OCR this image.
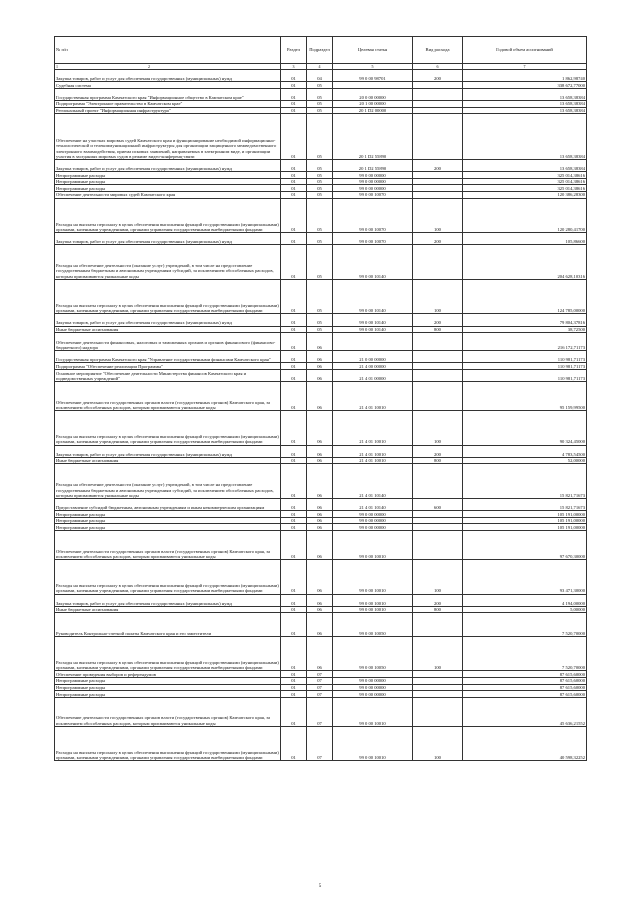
№ п/п	Раздел	Подраздел	Целевая статья	Вид расхода	Годовой объем ассигнований
1 2	3	4	5	6	7
Закупка товаров, работ и услуг для обеспечения государственных (муниципальных) нужд	01	04	99 0 00 98701	200	1 862,98740
Судебная система	01	05			338 672,77000
Государственная программа Камчатского края "Информационное общество в Камчатском крае"	01	05	20 0 00 00000		13 658,38384
Подпрограмма "Электронное правительство в Камчатском крае"	01	05	20 1 00 00000		13 658,38384
Региональный проект "Информационная инфраструктура"	01	05	20 1 D2 00000		13 658,38384
Обеспечение на участках мировых судей Камчатского края и функционирование необходимой информационно-технологической и телекоммуникационной инфраструктуры для организации защищенного межведомственного электронного взаимодействия, приема исковых заявлений, направляемых в электронном виде, и организации участия в заседаниях мировых судов в режиме видео-конференц-связи	01	05	20 1 D2 55890		13 658,38384
Закупка товаров, работ и услуг для обеспечения государственных (муниципальных) нужд	01	05	20 1 D2 55890	200	13 658,38384
Непрограммные расходы	01	05	99 0 00 00000		325 014,38616
Непрограммные расходы	01	05	99 0 00 00000		325 014,38616
Непрограммные расходы	01	05	99 0 00 00000		325 014,38616
Обеспечение деятельности мировых судей Камчатского края	01	05	99 0 00 10070		120 386,28300
Расходы на выплаты персоналу в целях обеспечения выполнения функций государственными (муниципальными) органами, казенными учреждениями, органами управления государственными внебюджетными фондами	01	05	99 0 00 10070	100	120 280,41700
Закупка товаров, работ и услуг для обеспечения государственных (муниципальных) нужд	01	05	99 0 00 10070	200	105,86600
Расходы на обеспечение деятельности (оказание услуг) учреждений, в том числе на предоставление государственным бюджетным и автономным учреждениям субсидий, за исключением обособленных расходов, которым присваиваются уникальные коды	01	05	99 0 00 10140		204 628,10316
Расходы на выплаты персоналу в целях обеспечения выполнения функций государственными (муниципальными) органами, казенными учреждениями, органами управления государственными внебюджетными фондами	01	05	99 0 00 10140	100	124 785,00000
Закупка товаров, работ и услуг для обеспечения государственных (муниципальных) нужд	01	05	99 0 00 10140	200	79 804,37816
Иные бюджетные ассигнования	01	05	99 0 00 10140	800	38,72500
Обеспечение деятельности финансовых, налоговых и таможенных органов и органов финансового (финансово-бюджетного) надзора	01	06			216 172,71173
Государственная программа Камчатского края "Управление государственными финансами Камчатского края"	01	06	21 0 00 00000		110 981,71173
Подпрограмма "Обеспечение реализации Программы"	01	06	21 4 00 00000		110 981,71173
Основное мероприятие "Обеспечение деятельности Министерства финансов Камчатского края и подведомственных учреждений"	01	06	21 4 01 00000		110 981,71173
Обеспечение деятельности государственных органов власти (государственных органов) Камчатского края, за исключением обособленных расходов, которым присваиваются уникальные коды	01	06	21 4 01 10010		95 159,99500
Расходы на выплаты персоналу в целях обеспечения выполнения функций государственными (муниципальными) органами, казенными учреждениями, органами управления государственными внебюджетными фондами	01	06	21 4 01 10010	100	90 324,45000
Закупка товаров, работ и услуг для обеспечения государственных (муниципальных) нужд	01	06	21 4 01 10010	200	4 783,54500
Иные бюджетные ассигнования	01	06	21 4 01 10010	800	52,00000
Расходы на обеспечение деятельности (оказание услуг) учреждений, в том числе на предоставление государственным бюджетным и автономным учреждениям субсидий, за исключением обособленных расходов, которым присваиваются уникальные коды	01	06	21 4 01 10140		15 821,71673
Предоставление субсидий бюджетным, автономным учреждениям и иным некоммерческим организациям	01	06	21 4 01 10140	600	15 821,71673
Непрограммные расходы	01	06	99 0 00 00000		105 191,00000
Непрограммные расходы	01	06	99 0 00 00000		105 191,00000
Непрограммные расходы	01	06	99 0 00 00000		105 191,00000
Обеспечение деятельности государственных органов власти (государственных органов) Камчатского края, за исключением обособленных расходов, которым присваиваются уникальные коды	01	06	99 0 00 10010		97 670,30000
Расходы на выплаты персоналу в целях обеспечения выполнения функций государственными (муниципальными) органами, казенными учреждениями, органами управления государственными внебюджетными фондами	01	06	99 0 00 10010	100	93 471,30000
Закупка товаров, работ и услуг для обеспечения государственных (муниципальных) нужд	01	06	99 0 00 10010	200	4 194,00000
Иные бюджетные ассигнования	01	06	99 0 00 10010	800	5,00000
Руководитель Контрольно-счетной палаты Камчатского края и его заместители	01	06	99 0 00 10050		7 520,70000
Расходы на выплаты персоналу в целях обеспечения выполнения функций государственными (муниципальными) органами, казенными учреждениями, органами управления государственными внебюджетными фондами	01	06	99 0 00 10050	100	7 520,70000
Обеспечение проведения выборов и референдумов	01	07			87 615,60000
Непрограммные расходы	01	07	99 0 00 00000		87 615,60000
Непрограммные расходы	01	07	99 0 00 00000		87 615,60000
Непрограммные расходы	01	07	99 0 00 00000		87 615,60000
Обеспечение деятельности государственных органов власти (государственных органов) Камчатского края, за исключением обособленных расходов, которым присваиваются уникальные коды	01	07	99 0 00 10010		45 636,21552
Расходы на выплаты персоналу в целях обеспечения выполнения функций государственными (муниципальными) органами, казенными учреждениями, органами управления государственными внебюджетными фондами	01	07	99 0 00 10010	100	40 598,32252
5
